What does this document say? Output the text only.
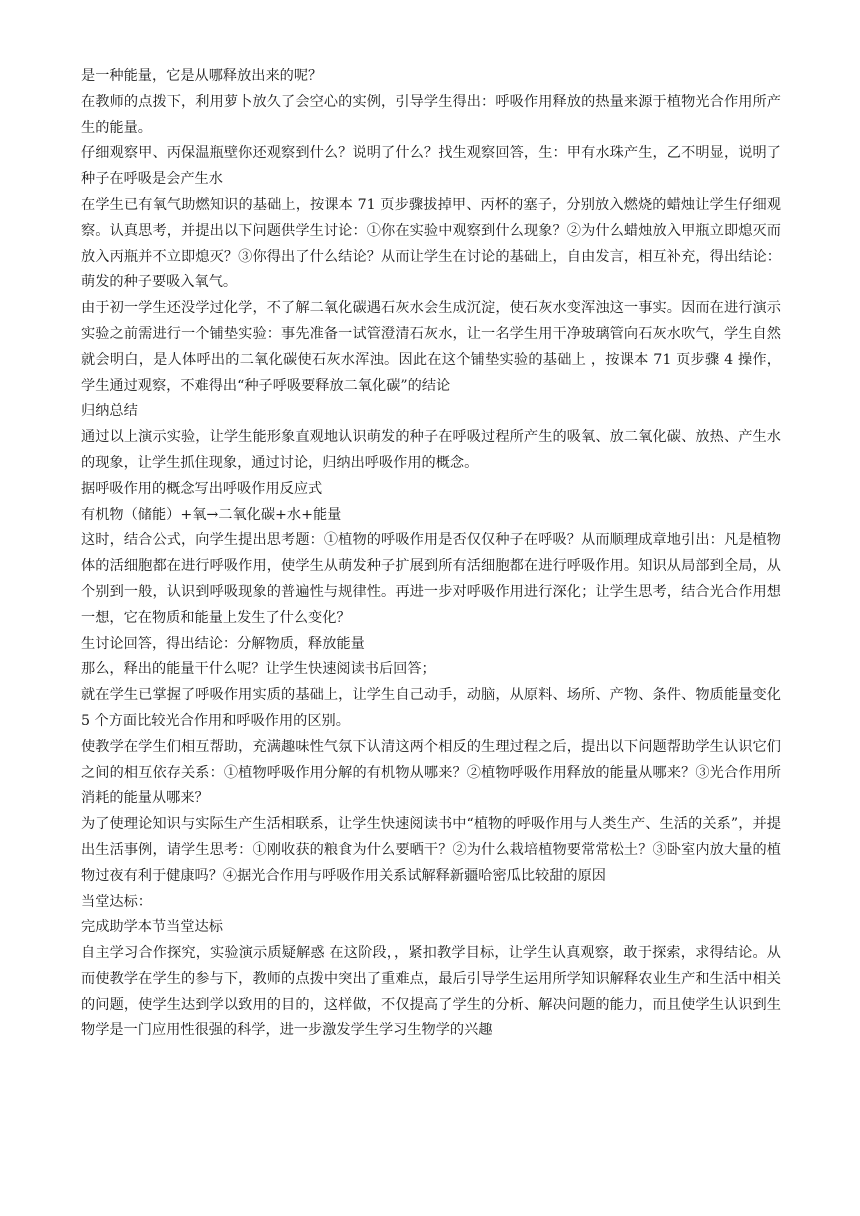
是一种能量，它是从哪释放出来的呢？

在教师的点拨下，利用萝卜放久了会空心的实例，引导学生得出：呼吸作用释放的热量来源于植物光合作用所产生的能量。

仔细观察甲、丙保温瓶壁你还观察到什么？说明了什么？找生观察回答，生：甲有水珠产生，乙不明显，说明了种子在呼吸是会产生水

在学生已有氧气助燃知识的基础上，按课本 71 页步骤拔掉甲、丙杯的塞子，分别放入燃烧的蜡烛让学生仔细观察。认真思考，并提出以下问题供学生讨论：①你在实验中观察到什么现象？②为什么蜡烛放入甲瓶立即熄灭而放入丙瓶并不立即熄灭？③你得出了什么结论？从而让学生在讨论的基础上，自由发言，相互补充，得出结论：萌发的种子要吸入氧气。

由于初一学生还没学过化学，不了解二氧化碳遇石灰水会生成沉淀，使石灰水变浑浊这一事实。因而在进行演示实验之前需进行一个铺垫实验：事先准备一试管澄清石灰水，让一名学生用干净玻璃管向石灰水吹气，学生自然就会明白，是人体呼出的二氧化碳使石灰水浑浊。因此在这个铺垫实验的基础上 ，按课本 71 页步骤 4 操作， 学生通过观察，不难得出“种子呼吸要释放二氧化碳”的结论

归纳总结

通过以上演示实验，让学生能形象直观地认识萌发的种子在呼吸过程所产生的吸氧、放二氧化碳、放热、产生水的现象，让学生抓住现象，通过讨论，归纳出呼吸作用的概念。

据呼吸作用的概念写出呼吸作用反应式

有机物（储能）+氧→二氧化碳+水+能量

这时，结合公式，向学生提出思考题：①植物的呼吸作用是否仅仅种子在呼吸？从而顺理成章地引出：凡是植物体的活细胞都在进行呼吸作用，使学生从萌发种子扩展到所有活细胞都在进行呼吸作用。知识从局部到全局，从个别到一般，认识到呼吸现象的普遍性与规律性。再进一步对呼吸作用进行深化；让学生思考，结合光合作用想一想，它在物质和能量上发生了什么变化？

生讨论回答，得出结论：分解物质，释放能量

那么，释出的能量干什么呢？让学生快速阅读书后回答；

就在学生已掌握了呼吸作用实质的基础上，让学生自己动手，动脑，从原料、场所、产物、条件、物质能量变化 5 个方面比较光合作用和呼吸作用的区别。

使教学在学生们相互帮助，充满趣味性气氛下认清这两个相反的生理过程之后，提出以下问题帮助学生认识它们之间的相互依存关系：①植物呼吸作用分解的有机物从哪来？②植物呼吸作用释放的能量从哪来？③光合作用所消耗的能量从哪来？

为了使理论知识与实际生产生活相联系，让学生快速阅读书中“植物的呼吸作用与人类生产、生活的关系”，并提出生活事例，请学生思考：①刚收获的粮食为什么要晒干？②为什么栽培植物要常常松土？③卧室内放大量的植物过夜有利于健康吗？④据光合作用与呼吸作用关系试解释新疆哈密瓜比较甜的原因

当堂达标：

完成助学本节当堂达标

自主学习合作探究，实验演示质疑解惑 在这阶段，，紧扣教学目标，让学生认真观察，敢于探索，求得结论。从而使教学在学生的参与下，教师的点拨中突出了重难点，最后引导学生运用所学知识解释农业生产和生活中相关的问题，使学生达到学以致用的目的，这样做，不仅提高了学生的分析、解决问题的能力，而且使学生认识到生物学是一门应用性很强的科学，进一步激发学生学习生物学的兴趣
